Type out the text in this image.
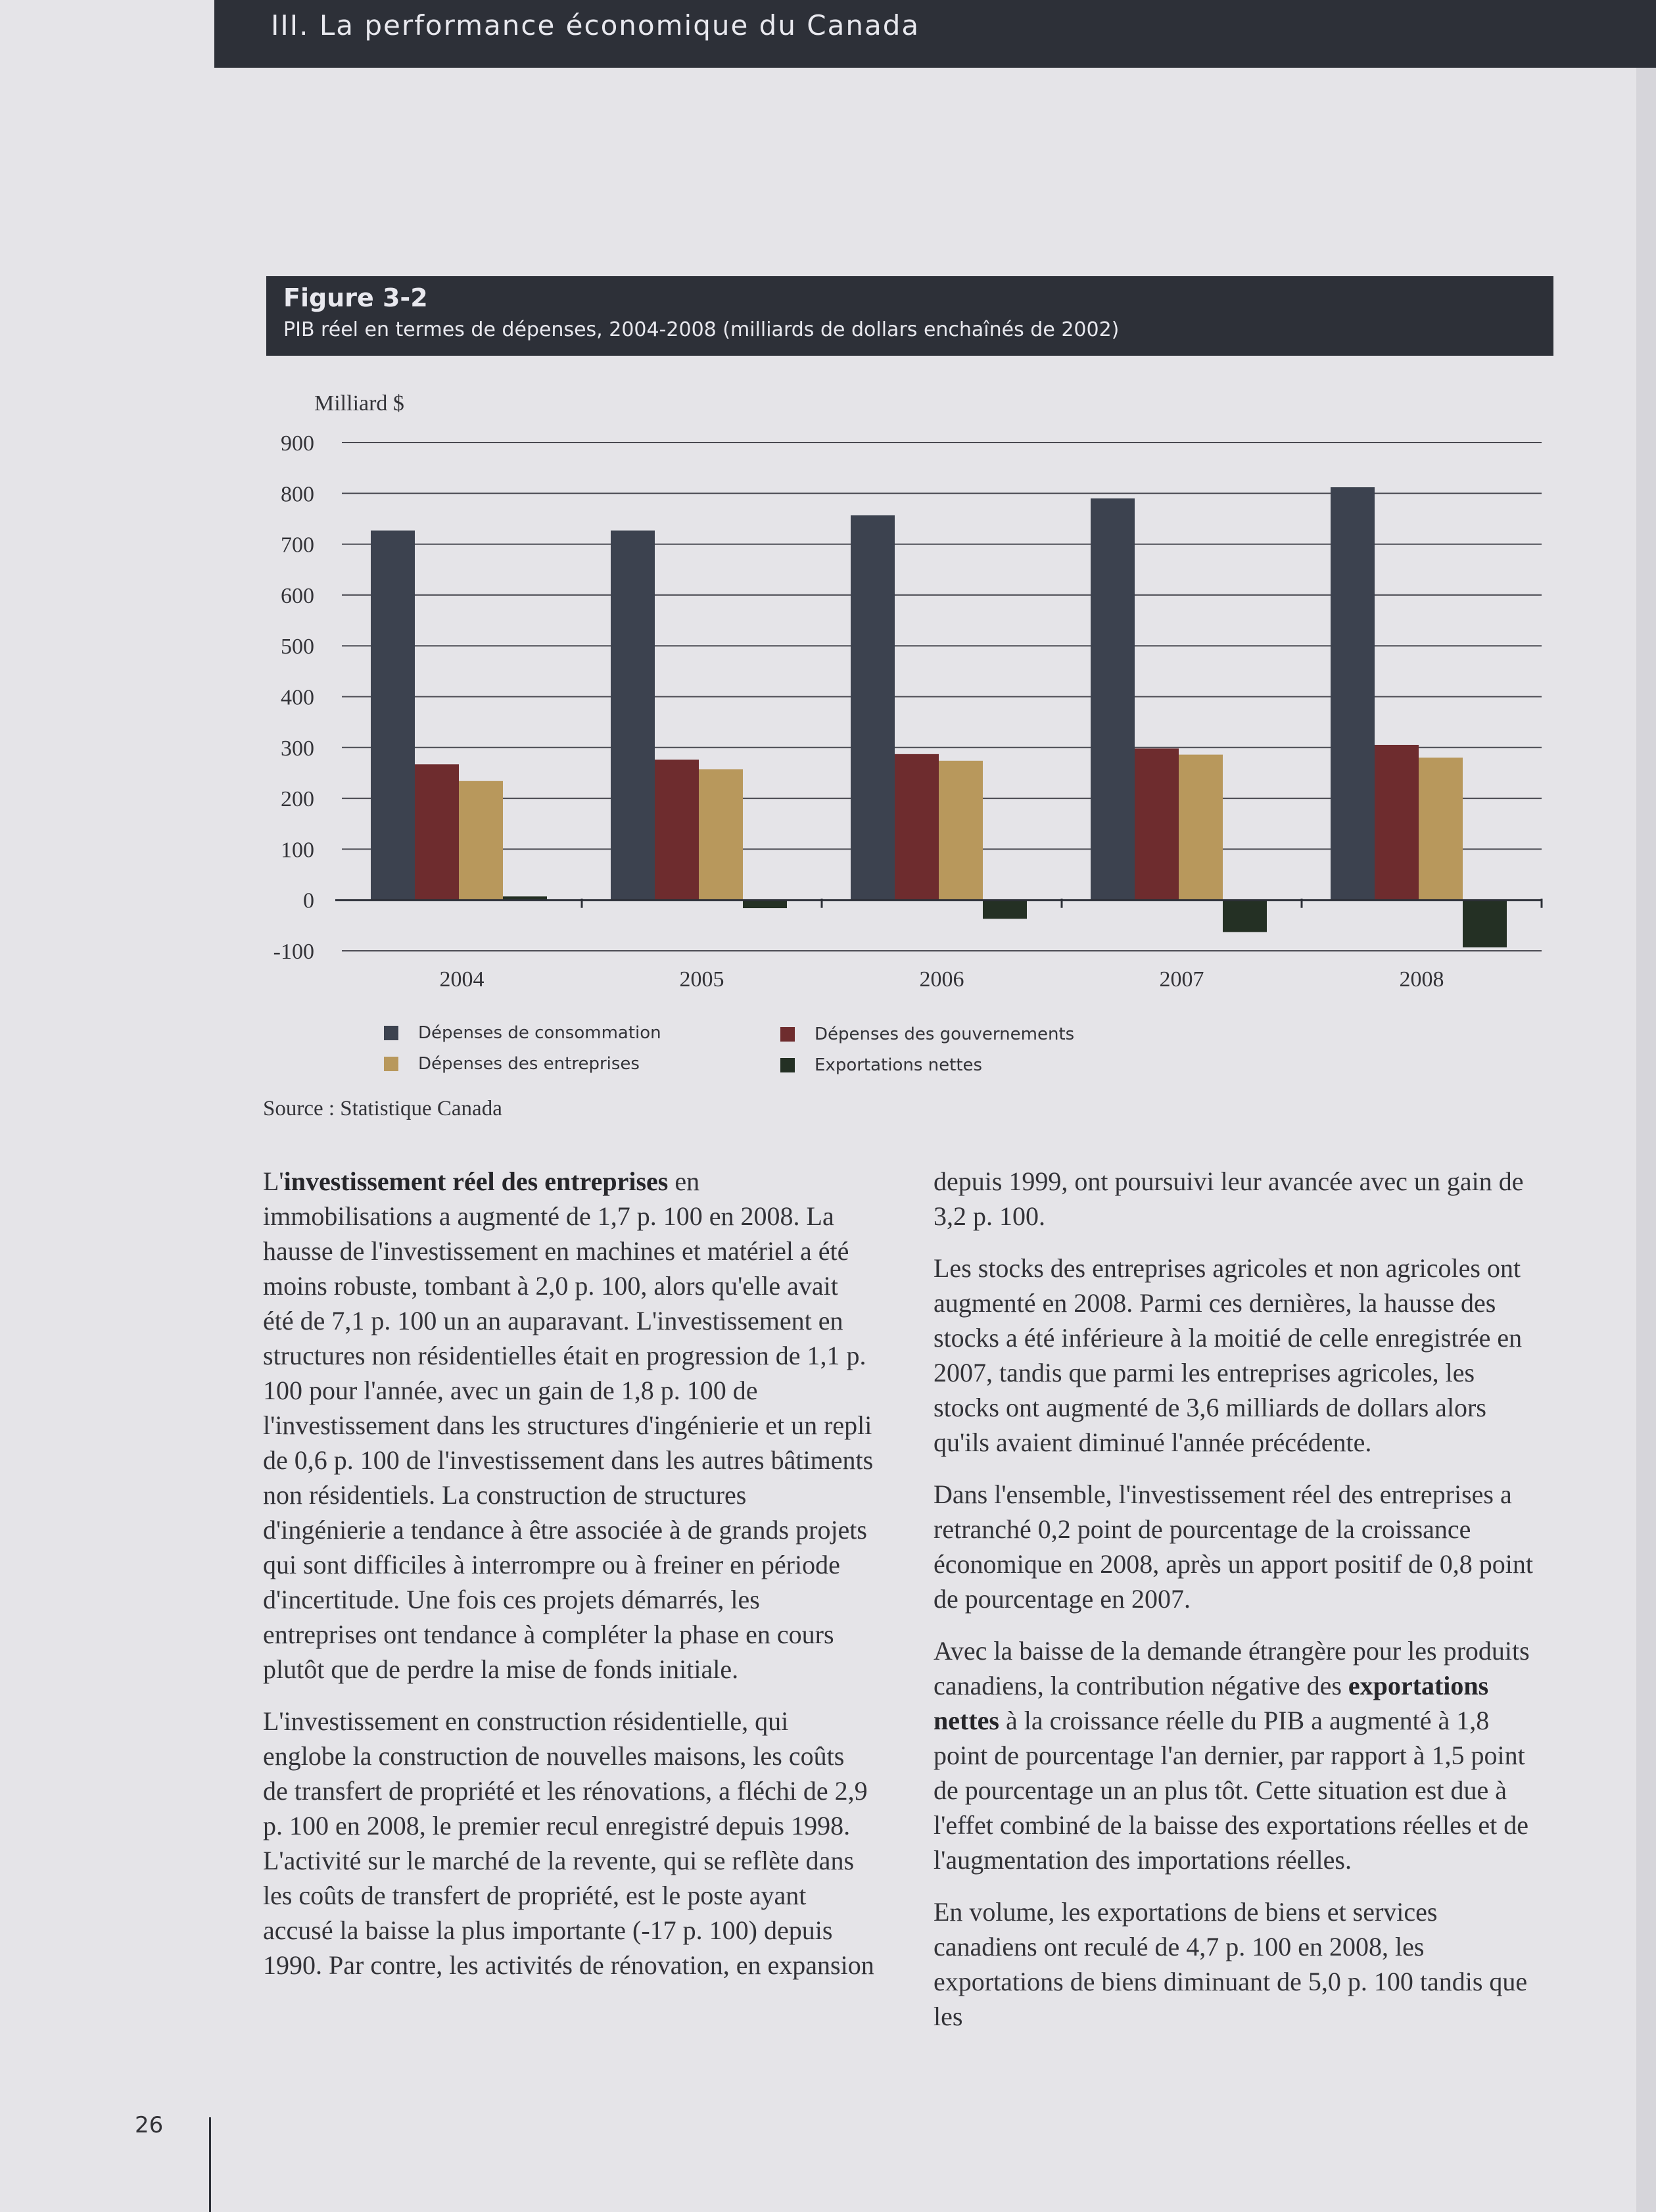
III. La performance économique du Canada
Figure 3-2
PIB réel en termes de dépenses, 2004-2008 (milliards de dollars enchaînés de 2002)
Milliard $
900
800
700
600
500
400
300
200
100
0
-100
2004	2005	2006	2007	2008
Dépenses de consommation
Dépenses des entreprises
Dépenses des gouvernements
Exportations nettes
Source : Statistique Canada

L'investissement réel des entreprises en immobilisations a augmenté de 1,7 p. 100 en 2008. La hausse de l'investissement en machines et matériel a été moins robuste, tombant à 2,0 p. 100, alors qu'elle avait été de 7,1 p. 100 un an auparavant. L'investissement en structures non résidentielles était en progression de 1,1 p. 100 pour l'année, avec un gain de 1,8 p. 100 de l'investissement dans les structures d'ingénierie et un repli de 0,6 p. 100 de l'investissement dans les autres bâtiments non résidentiels. La construction de structures d'ingénierie a tendance à être associée à de grands projets qui sont difficiles à interrompre ou à freiner en période d'incertitude. Une fois ces projets démarrés, les entreprises ont tendance à compléter la phase en cours plutôt que de perdre la mise de fonds initiale.

L'investissement en construction résidentielle, qui englobe la construction de nouvelles maisons, les coûts de transfert de propriété et les rénovations, a fléchi de 2,9 p. 100 en 2008, le premier recul enregistré depuis 1998. L'activité sur le marché de la revente, qui se reflète dans les coûts de transfert de propriété, est le poste ayant accusé la baisse la plus importante (-17 p. 100) depuis 1990. Par contre, les activités de rénovation, en expansion

depuis 1999, ont poursuivi leur avancée avec un gain de 3,2 p. 100.

Les stocks des entreprises agricoles et non agricoles ont augmenté en 2008. Parmi ces dernières, la hausse des stocks a été inférieure à la moitié de celle enregistrée en 2007, tandis que parmi les entreprises agricoles, les stocks ont augmenté de 3,6 milliards de dollars alors qu'ils avaient diminué l'année précédente.

Dans l'ensemble, l'investissement réel des entreprises a retranché 0,2 point de pourcentage de la croissance économique en 2008, après un apport positif de 0,8 point de pourcentage en 2007.

Avec la baisse de la demande étrangère pour les produits canadiens, la contribution négative des exportations nettes à la croissance réelle du PIB a augmenté à 1,8 point de pourcentage l'an dernier, par rapport à 1,5 point de pourcentage un an plus tôt. Cette situation est due à l'effet combiné de la baisse des exportations réelles et de l'augmentation des importations réelles.

En volume, les exportations de biens et services canadiens ont reculé de 4,7 p. 100 en 2008, les exportations de biens diminuant de 5,0 p. 100 tandis que les

26
